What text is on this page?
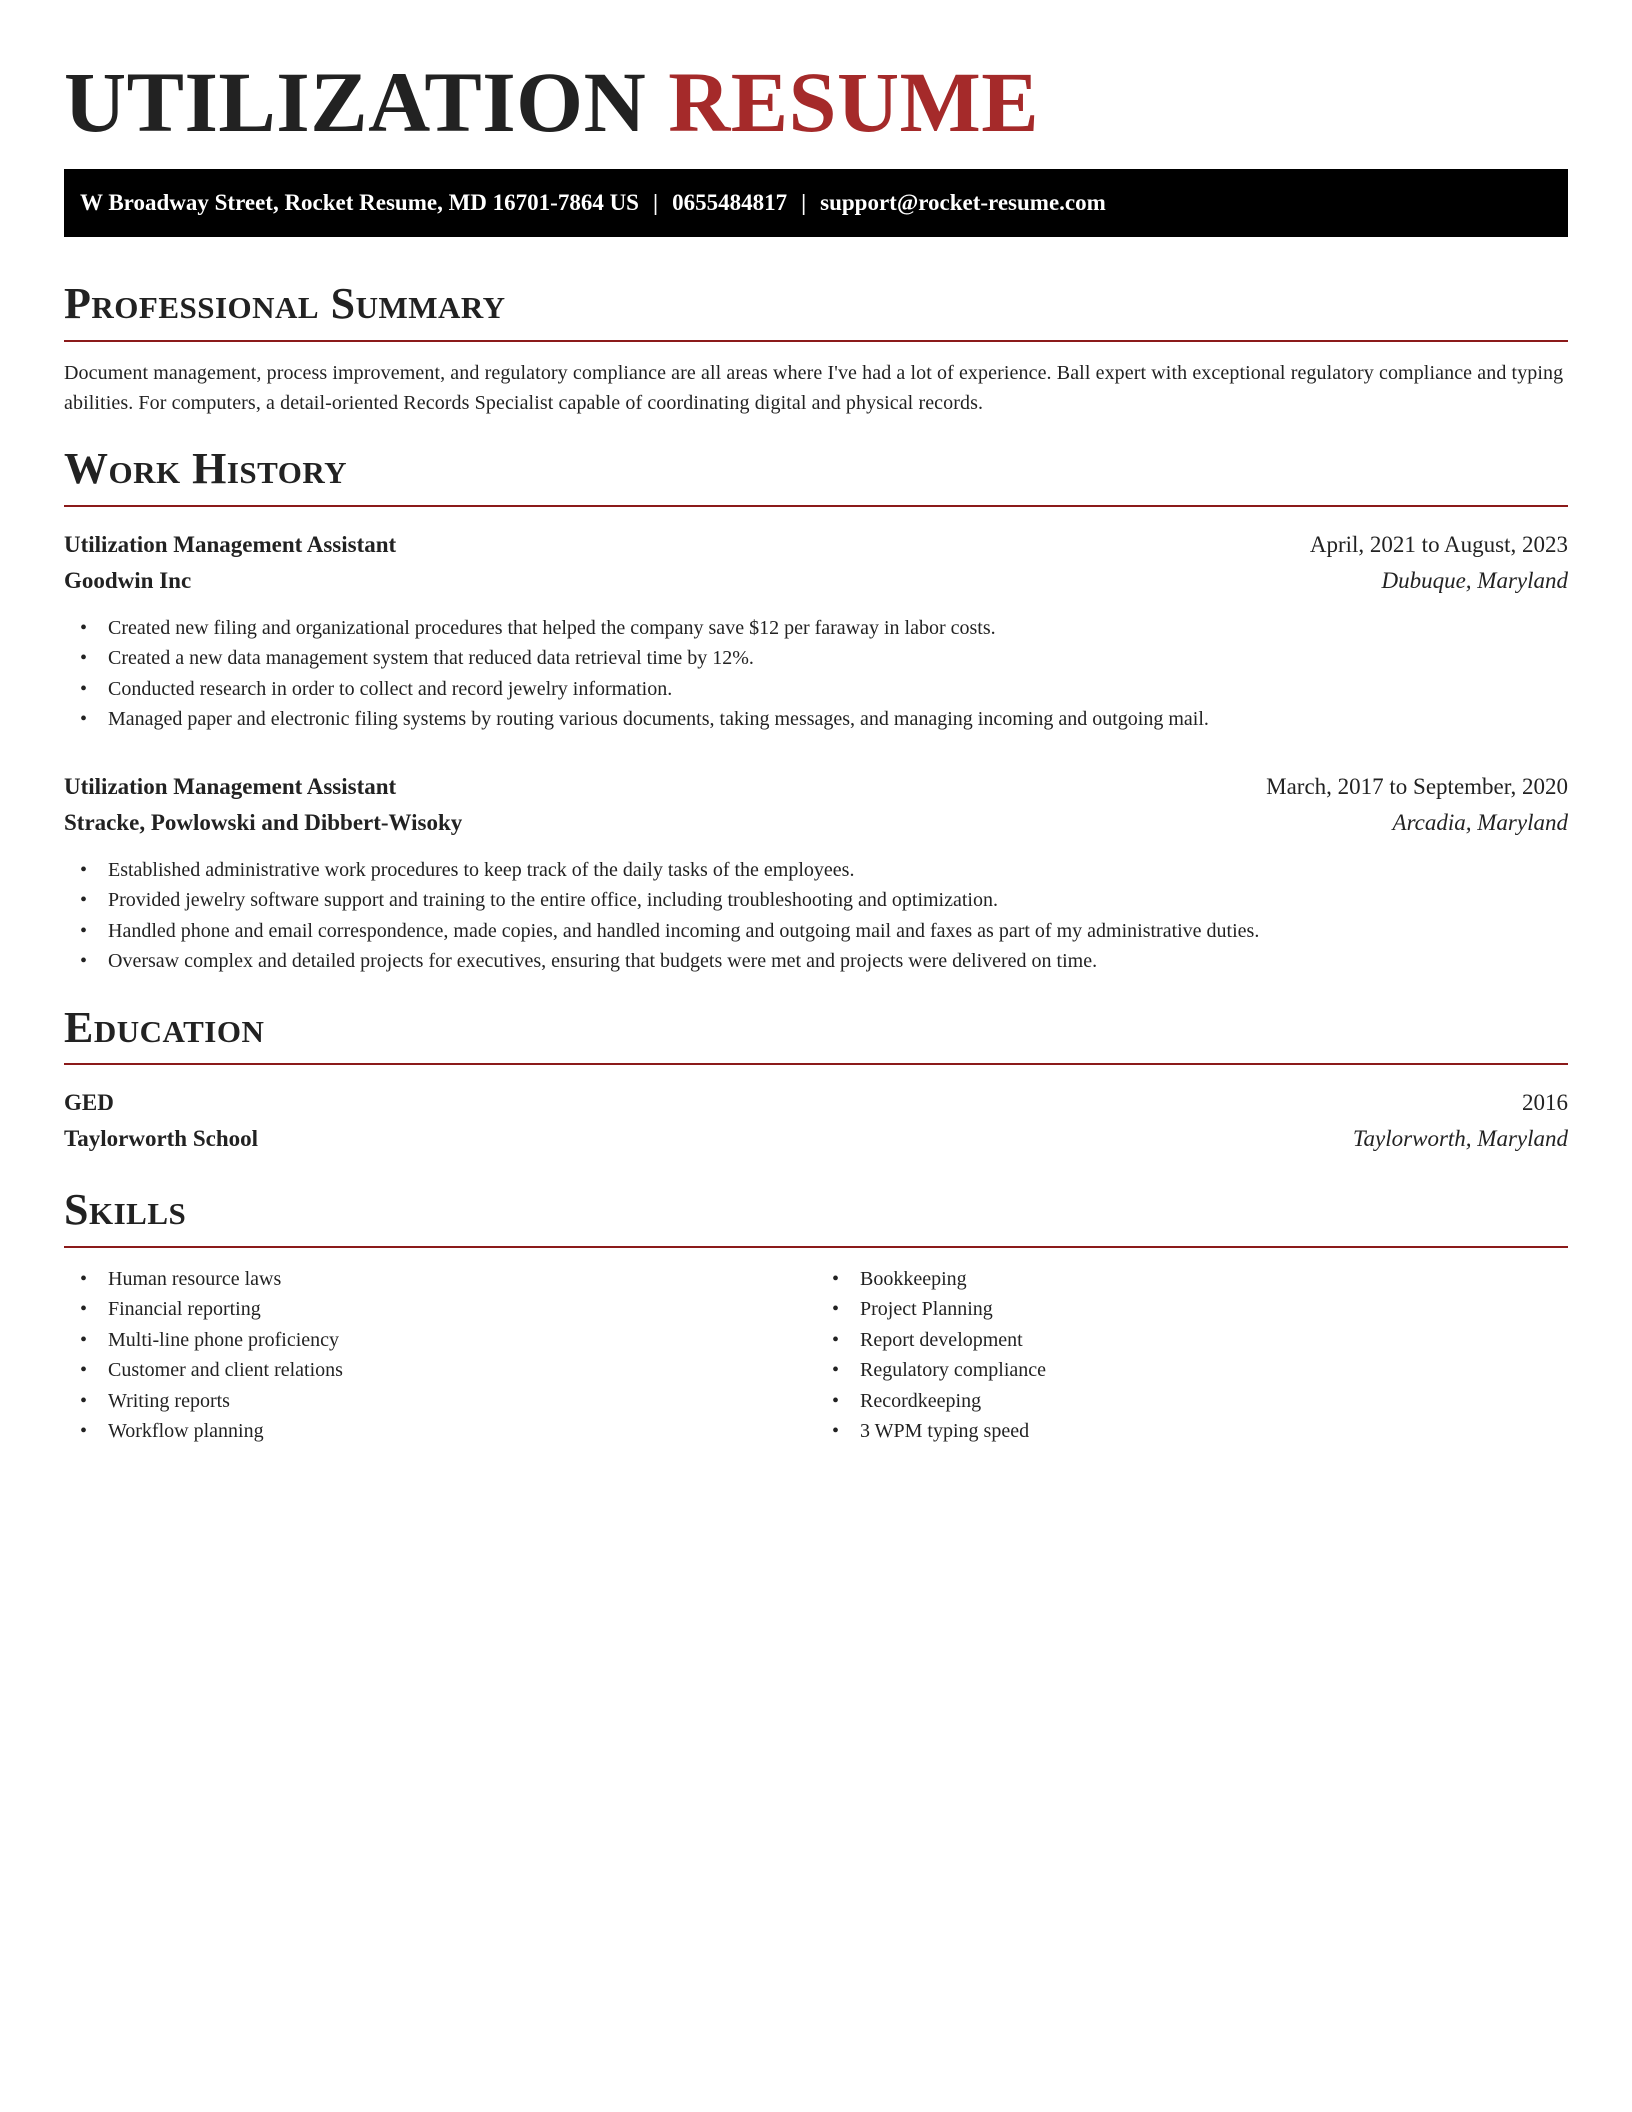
UTILIZATION RESUME
W Broadway Street, Rocket Resume, MD 16701-7864 US | 0655484817 | support@rocket-resume.com
Professional Summary

Document management, process improvement, and regulatory compliance are all areas where I've had a lot of experience. Ball expert with exceptional regulatory compliance and typing abilities. For computers, a detail-oriented Records Specialist capable of coordinating digital and physical records.

Work History
Utilization Management Assistant	April, 2021 to August, 2023
Goodwin Inc	Dubuque, Maryland
• Created new filing and organizational procedures that helped the company save $12 per faraway in labor costs.
• Created a new data management system that reduced data retrieval time by 12%.
• Conducted research in order to collect and record jewelry information.
• Managed paper and electronic filing systems by routing various documents, taking messages, and managing incoming and outgoing mail.
Utilization Management Assistant	March, 2017 to September, 2020
Stracke, Powlowski and Dibbert-Wisoky	Arcadia, Maryland
• Established administrative work procedures to keep track of the daily tasks of the employees.
• Provided jewelry software support and training to the entire office, including troubleshooting and optimization.
• Handled phone and email correspondence, made copies, and handled incoming and outgoing mail and faxes as part of my administrative duties.
• Oversaw complex and detailed projects for executives, ensuring that budgets were met and projects were delivered on time.
Education
GED	2016
Taylorworth School	Taylorworth, Maryland
Skills
• Human resource laws
• Financial reporting
• Multi-line phone proficiency
• Customer and client relations
• Writing reports
• Workflow planning
• Bookkeeping
• Project Planning
• Report development
• Regulatory compliance
• Recordkeeping
• 3 WPM typing speed
